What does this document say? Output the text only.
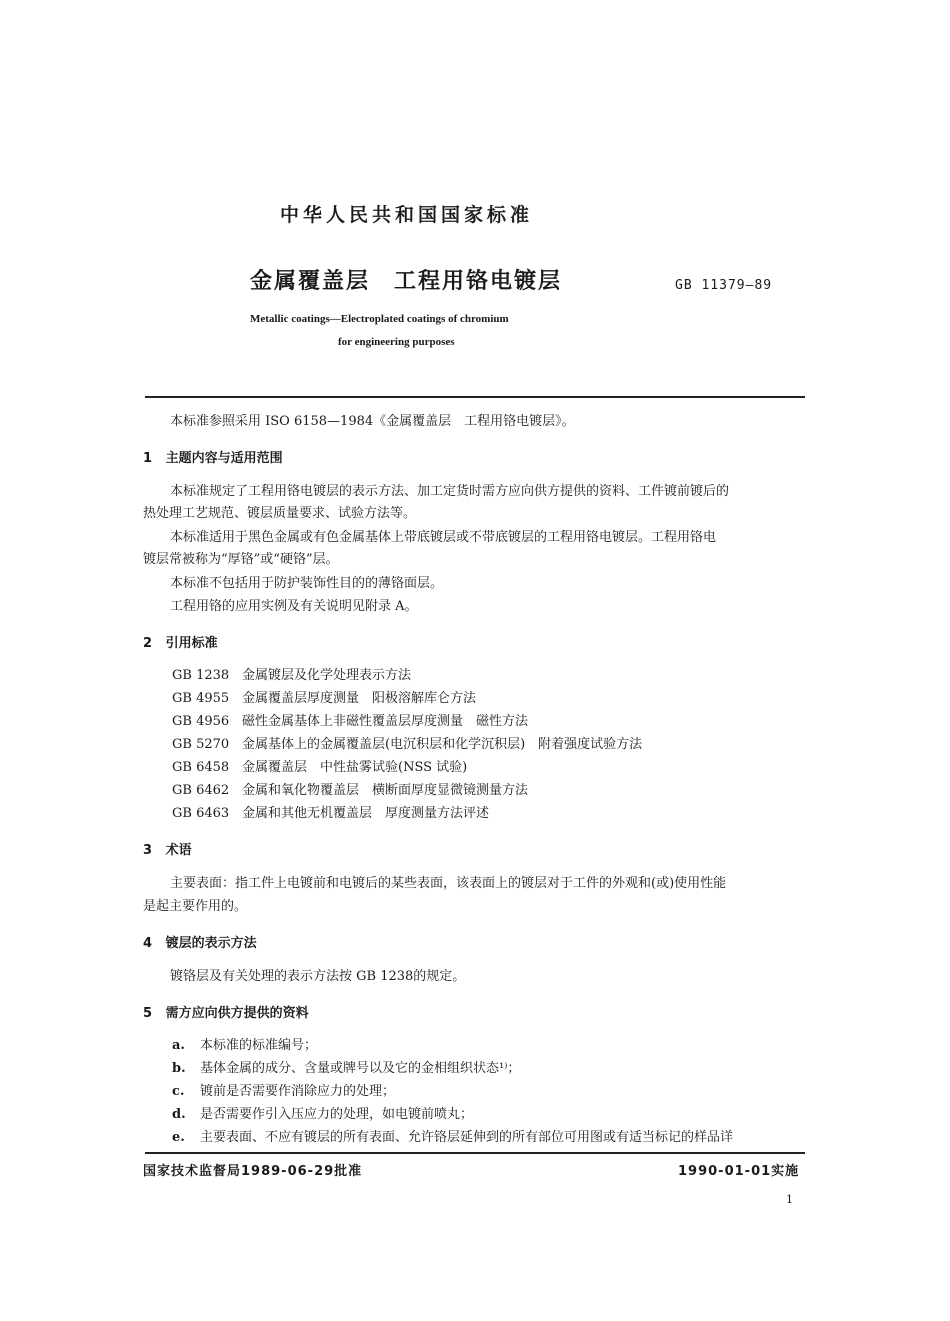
中华人民共和国国家标准
金属覆盖层　工程用铬电镀层	GB 11379—89
Metallic coatings—Electroplated coatings of chromium
for engineering purposes
本标准参照采用 ISO 6158—1984《金属覆盖层　工程用铬电镀层》。
1 主题内容与适用范围
本标准规定了工程用铬电镀层的表示方法、加工定货时需方应向供方提供的资料、工件镀前镀后的
热处理工艺规范、镀层质量要求、试验方法等。
本标准适用于黑色金属或有色金属基体上带底镀层或不带底镀层的工程用铬电镀层。工程用铬电
镀层常被称为“厚铬”或“硬铬”层。
本标准不包括用于防护装饰性目的的薄铬面层。
工程用铬的应用实例及有关说明见附录 A。
2 引用标准
GB 1238 金属镀层及化学处理表示方法
GB 4955 金属覆盖层厚度测量　阳极溶解库仑方法
GB 4956 磁性金属基体上非磁性覆盖层厚度测量　磁性方法
GB 5270 金属基体上的金属覆盖层(电沉积层和化学沉积层)　附着强度试验方法
GB 6458 金属覆盖层　中性盐雾试验(NSS 试验)
GB 6462 金属和氧化物覆盖层　横断面厚度显微镜测量方法
GB 6463 金属和其他无机覆盖层　厚度测量方法评述
3 术语
主要表面：指工件上电镀前和电镀后的某些表面，该表面上的镀层对于工件的外观和(或)使用性能
是起主要作用的。
4 镀层的表示方法
镀铬层及有关处理的表示方法按 GB 1238的规定。
5 需方应向供方提供的资料
a. 本标准的标准编号；
b. 基体金属的成分、含量或牌号以及它的金相组织状态¹⁾；
c. 镀前是否需要作消除应力的处理；
d. 是否需要作引入压应力的处理，如电镀前喷丸；
e. 主要表面、不应有镀层的所有表面、允许铬层延伸到的所有部位可用图或有适当标记的样品详
国家技术监督局1989-06-29批准	1990-01-01实施
1
